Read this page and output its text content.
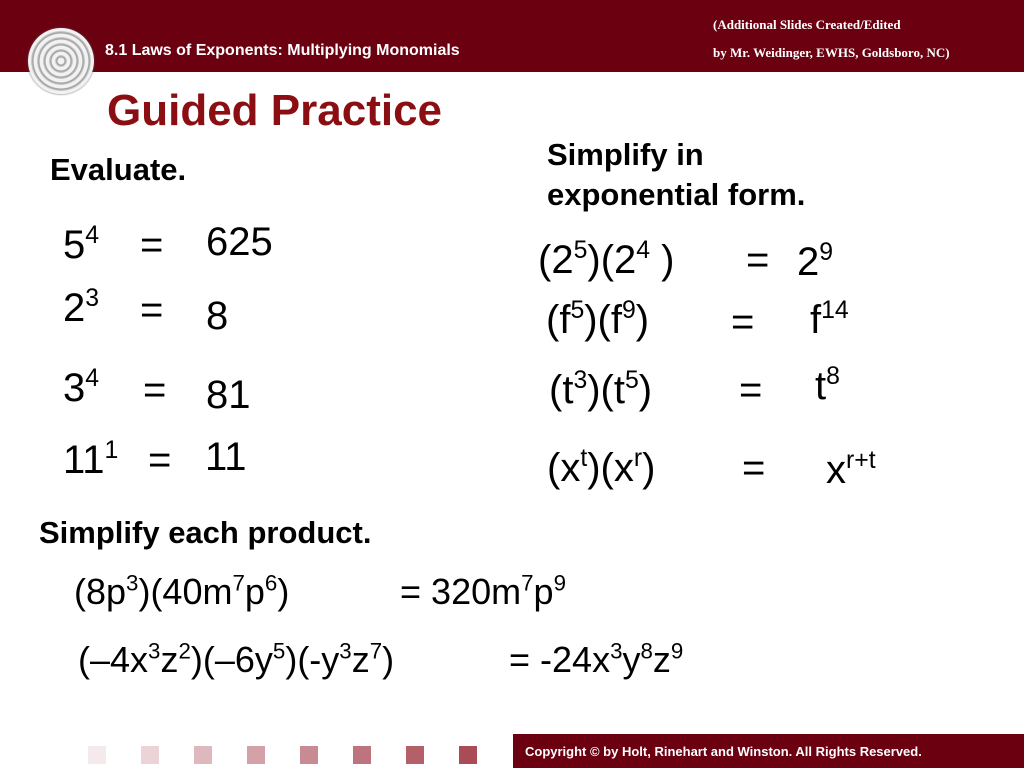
8.1 Laws of Exponents: Multiplying Monomials
(Additional Slides Created/Edited
by Mr. Weidinger, EWHS, Goldsboro, NC)
Guided Practice
Evaluate.
$5^4 = 625$
$2^3 = 8$
$3^4 = 81$
$11^1 = 11$
Simplify in
exponential form.
$(2^5)(2^4$ ) = $2^9$
$(f^5)(f^9) = f^{14}$
$(t^3)(t^5) = t^8$
$(x^t)(x^r) = x^{r+t}$
Simplify each product.
$(8p^3)(40m^7p^6)$	= $320m^7p^9$
$(-4x^3z^2)(-6y^5)(-y^3z^7)$	= $-24x^3y^8z^9$
Copyright © by Holt, Rinehart and Winston. All Rights Reserved.
